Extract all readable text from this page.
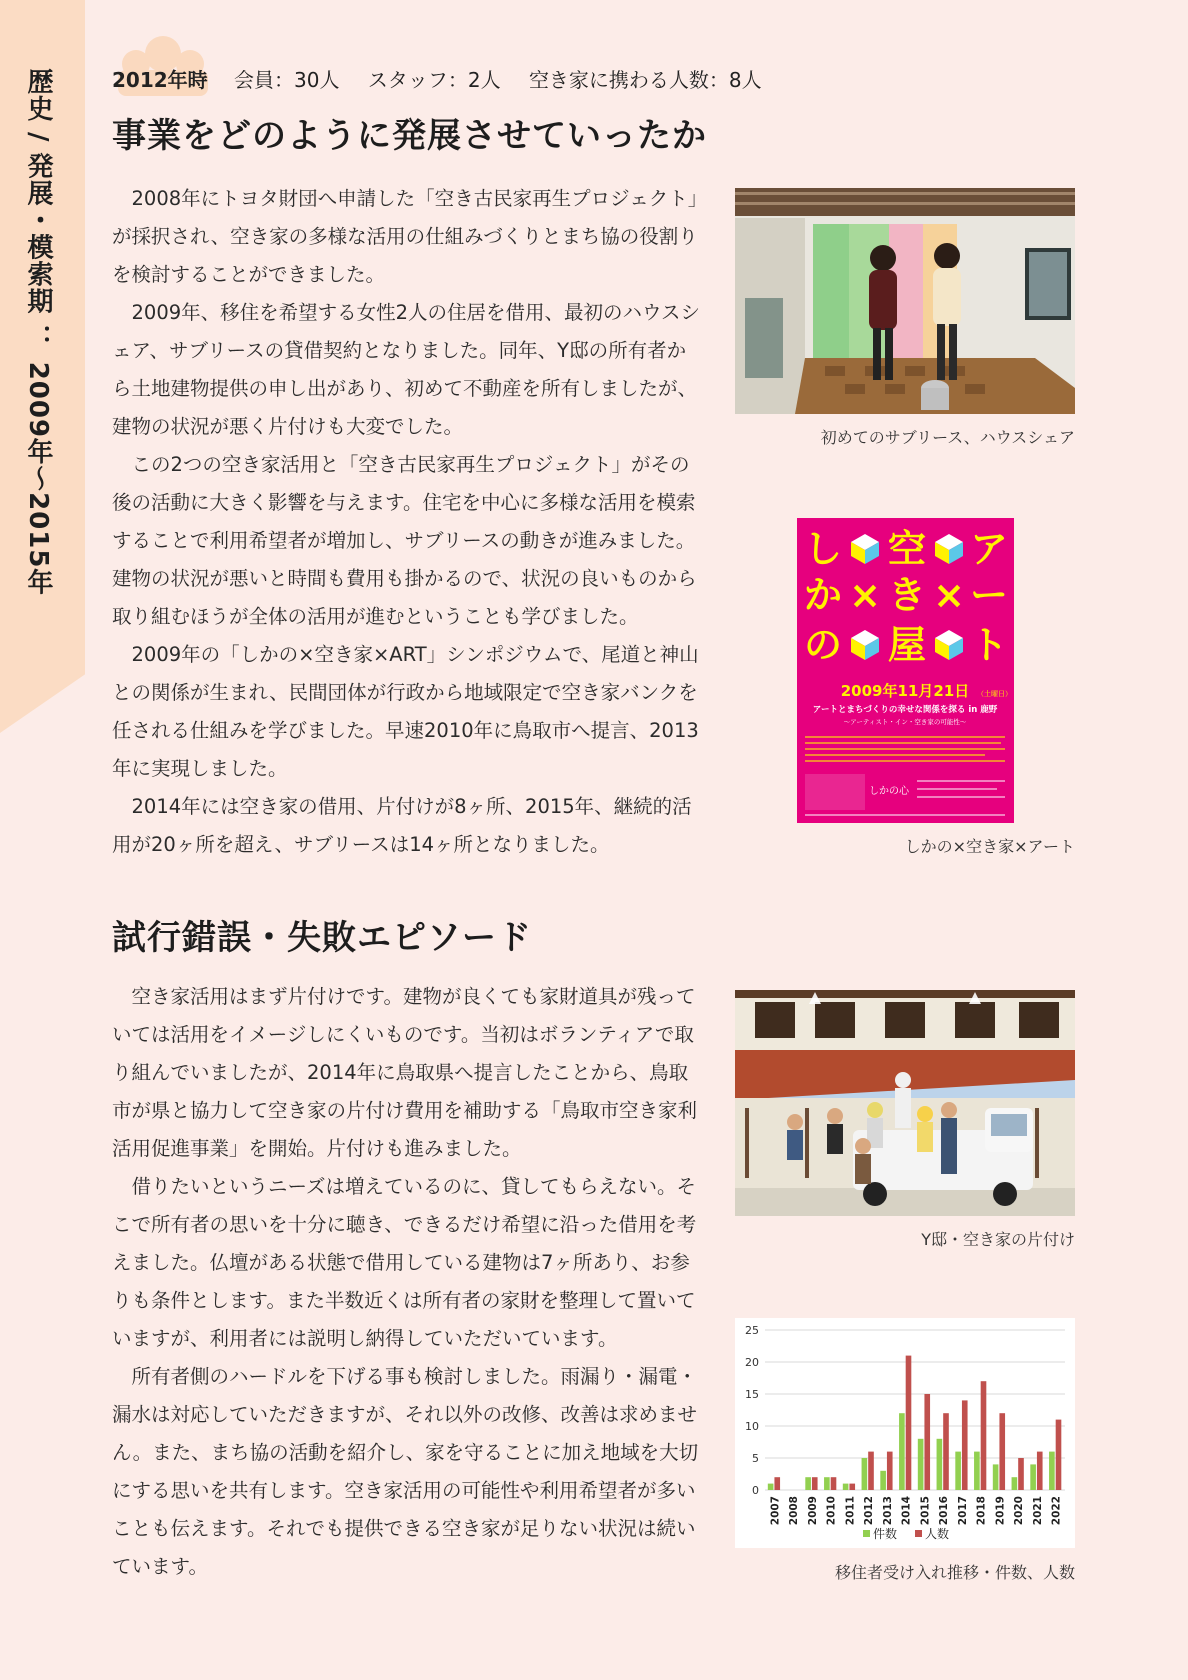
歴史 / 発展・模索期 ： 2009年〜2015年	2012年時 会員：30人 スタッフ：2人 空き家に携わる人数：8人
事業をどのように発展させていったか

2008年にトヨタ財団へ申請した「空き古民家再生プロジェクト」が採択され、空き家の多様な活用の仕組みづくりとまち協の役割りを検討することができました。

2009年、移住を希望する女性2人の住居を借用、最初のハウスシェア、サブリースの貸借契約となりました。同年、Y邸の所有者から土地建物提供の申し出があり、初めて不動産を所有しましたが、建物の状況が悪く片付けも大変でした。

この2つの空き家活用と「空き古民家再生プロジェクト」がその後の活動に大きく影響を与えます。住宅を中心に多様な活用を模索することで利用希望者が増加し、サブリースの動きが進みました。建物の状況が悪いと時間も費用も掛かるので、状況の良いものから取り組むほうが全体の活用が進むということも学びました。

2009年の「しかの×空き家×ART」シンポジウムで、尾道と神山との関係が生まれ、民間団体が行政から地域限定で空き家バンクを任される仕組みを学びました。早速2010年に鳥取市へ提言、2013年に実現しました。

2014年には空き家の借用、片付けが8ヶ所、2015年、継続的活用が20ヶ所を超え、サブリースは14ヶ所となりました。

初めてのサブリース、ハウスシェア
し 空 ア
か × き × ー
の 屋 ト
2009年11月21日 （土曜日）
アートとまちづくりの幸せな関係を探る in 鹿野
〜アーティスト・イン・空き家の可能性〜
しかの心
しかの×空き家×アート
試行錯誤・失敗エピソード

空き家活用はまず片付けです。建物が良くても家財道具が残っていては活用をイメージしにくいものです。当初はボランティアで取り組んでいましたが、2014年に鳥取県へ提言したことから、鳥取市が県と協力して空き家の片付け費用を補助する「鳥取市空き家利活用促進事業」を開始。片付けも進みました。

借りたいというニーズは増えているのに、貸してもらえない。そこで所有者の思いを十分に聴き、できるだけ希望に沿った借用を考えました。仏壇がある状態で借用している建物は7ヶ所あり、お参りも条件とします。また半数近くは所有者の家財を整理して置いていますが、利用者には説明し納得していただいています。

所有者側のハードルを下げる事も検討しました。雨漏り・漏電・漏水は対応していただきますが、それ以外の改修、改善は求めません。また、まち協の活動を紹介し、家を守ることに加え地域を大切にする思いを共有します。空き家活用の可能性や利用希望者が多いことも伝えます。それでも提供できる空き家が足りない状況は続いています。

Y邸・空き家の片付け
0
5
10
15
20
25
2007 2008 2009 2010 2011 2012 2013 2014 2015 2016 2017 2018 2019 2020 2021 2022
件数 人数
移住者受け入れ推移・件数、人数
